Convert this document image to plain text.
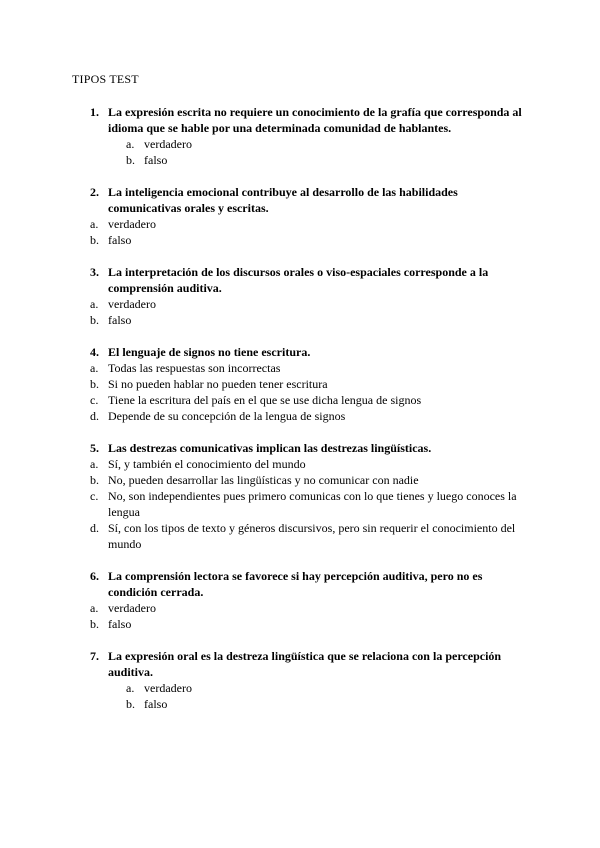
TIPOS TEST
1. La expresión escrita no requiere un conocimiento de la grafía que corresponda al idioma que se hable por una determinada comunidad de hablantes.
a. verdadero
b. falso
2. La inteligencia emocional contribuye al desarrollo de las habilidades comunicativas orales y escritas.
a. verdadero
b. falso
3. La interpretación de los discursos orales o viso-espaciales corresponde a la comprensión auditiva.
a. verdadero
b. falso
4. El lenguaje de signos no tiene escritura.
a. Todas las respuestas son incorrectas
b. Si no pueden hablar no pueden tener escritura
c. Tiene la escritura del país en el que se use dicha lengua de signos
d. Depende de su concepción de la lengua de signos
5. Las destrezas comunicativas implican las destrezas lingüísticas.
a. Sí, y también el conocimiento del mundo
b. No, pueden desarrollar las lingüísticas y no comunicar con nadie
c. No, son independientes pues primero comunicas con lo que tienes y luego conoces la lengua
d. Sí, con los tipos de texto y géneros discursivos, pero sin requerir el conocimiento del mundo
6. La comprensión lectora se favorece si hay percepción auditiva, pero no es condición cerrada.
a. verdadero
b. falso
7. La expresión oral es la destreza lingüística que se relaciona con la percepción auditiva.
a. verdadero
b. falso
